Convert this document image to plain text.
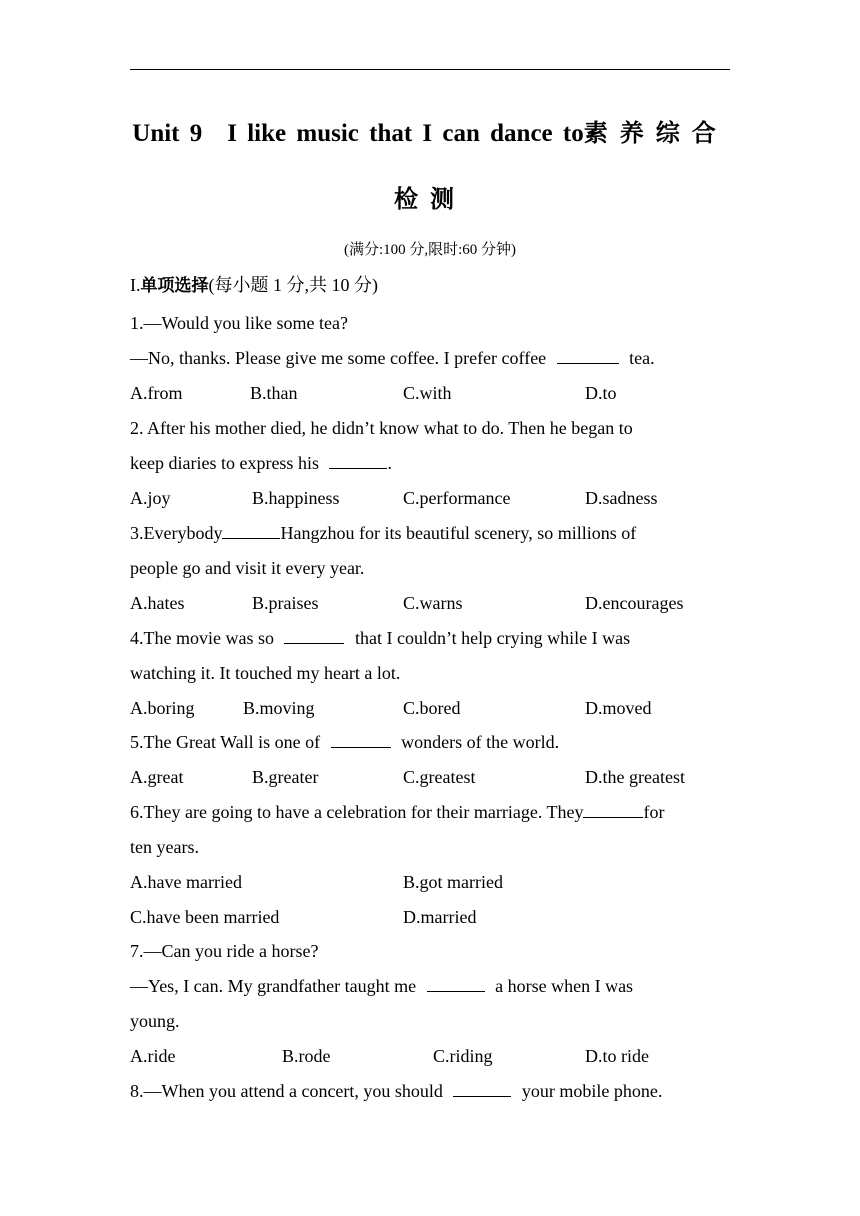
Unit 9 I like music that I can dance to素养综合
检测
(满分:100 分,限时:60 分钟)
I.单项选择(每小题 1 分,共 10 分)
1.—Would you like some tea?
—No, thanks. Please give me some coffee. I prefer coffee	tea.
A.from	B.than	C.with	D.to
2. After his mother died, he didn’t know what to do. Then he began to
keep diaries to express his	.
A.joy	B.happiness	C.performance	D.sadness
3.Everybody	Hangzhou for its beautiful scenery, so millions of
people go and visit it every year.
A.hates	B.praises	C.warns	D.encourages
4.The movie was so	that I couldn’t help crying while I was
watching it. It touched my heart a lot.
A.boring	B.moving	C.bored	D.moved
5.The Great Wall is one of	wonders of the world.
A.great	B.greater	C.greatest	D.the greatest
6.They are going to have a celebration for their marriage. They	for
ten years.
A.have married	B.got married
C.have been married	D.married
7.—Can you ride a horse?
—Yes, I can. My grandfather taught me	a horse when I was
young.
A.ride	B.rode	C.riding	D.to ride
8.—When you attend a concert, you should	your mobile phone.
